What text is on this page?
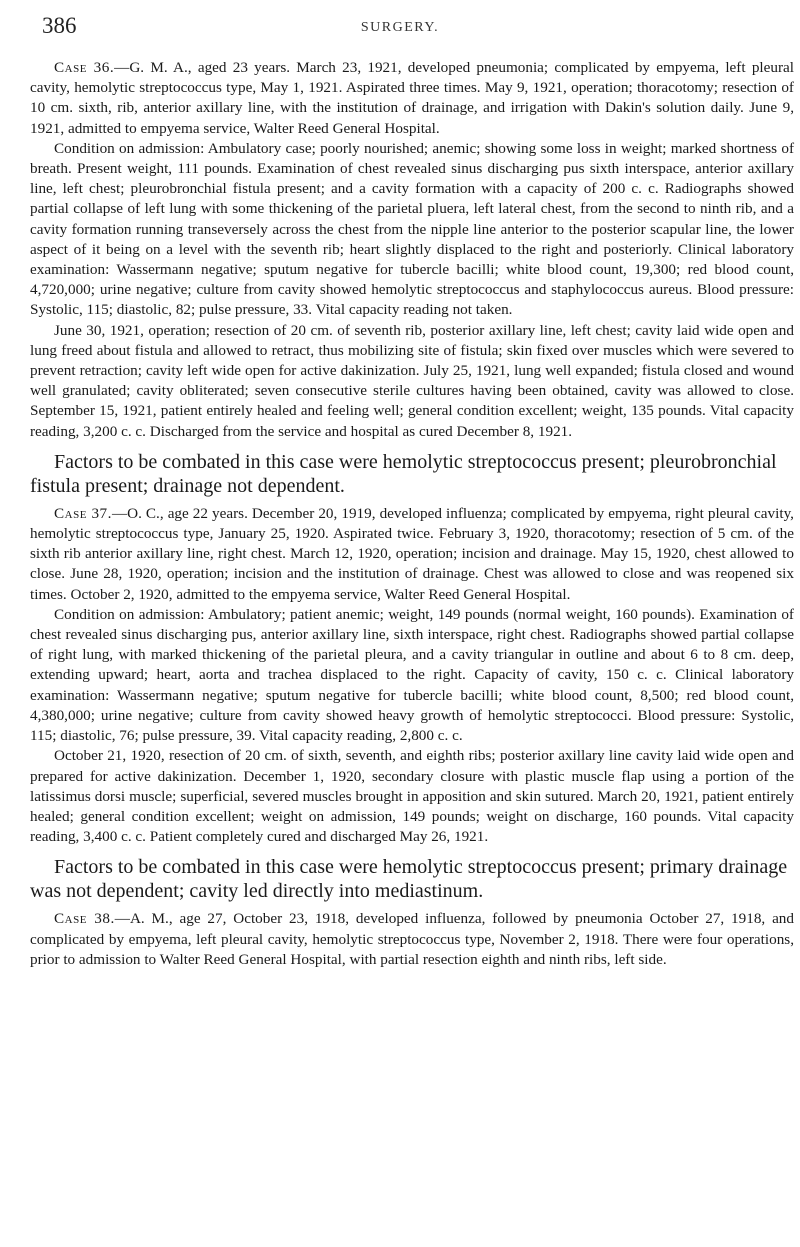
386	SURGERY.

Case 36.—G. M. A., aged 23 years. March 23, 1921, developed pneumonia; complicated by empyema, left pleural cavity, hemolytic streptococcus type, May 1, 1921. Aspirated three times. May 9, 1921, operation; thoracotomy; resection of 10 cm. sixth, rib, anterior axillary line, with the institution of drainage, and irrigation with Dakin's solution daily. June 9, 1921, admitted to empyema service, Walter Reed General Hospital.

Condition on admission: Ambulatory case; poorly nourished; anemic; showing some loss in weight; marked shortness of breath. Present weight, 111 pounds. Examination of chest revealed sinus discharging pus sixth interspace, anterior axillary line, left chest; pleurobronchial fistula present; and a cavity formation with a capacity of 200 c. c. Radiographs showed partial collapse of left lung with some thickening of the parietal pluera, left lateral chest, from the second to ninth rib, and a cavity formation running transeversely across the chest from the nipple line anterior to the posterior scapular line, the lower aspect of it being on a level with the seventh rib; heart slightly displaced to the right and posteriorly. Clinical laboratory examination: Wassermann negative; sputum negative for tubercle bacilli; white blood count, 19,300; red blood count, 4,720,000; urine negative; culture from cavity showed hemolytic streptococcus and staphylococcus aureus. Blood pressure: Systolic, 115; diastolic, 82; pulse pressure, 33. Vital capacity reading not taken.

June 30, 1921, operation; resection of 20 cm. of seventh rib, posterior axillary line, left chest; cavity laid wide open and lung freed about fistula and allowed to retract, thus mobilizing site of fistula; skin fixed over muscles which were severed to prevent retraction; cavity left wide open for active dakinization. July 25, 1921, lung well expanded; fistula closed and wound well granulated; cavity obliterated; seven consecutive sterile cultures having been obtained, cavity was allowed to close. September 15, 1921, patient entirely healed and feeling well; general condition excellent; weight, 135 pounds. Vital capacity reading, 3,200 c. c. Discharged from the service and hospital as cured December 8, 1921.

Factors to be combated in this case were hemolytic streptococcus present; pleurobronchial fistula present; drainage not dependent.

Case 37.—O. C., age 22 years. December 20, 1919, developed influenza; complicated by empyema, right pleural cavity, hemolytic streptococcus type, January 25, 1920. Aspirated twice. February 3, 1920, thoracotomy; resection of 5 cm. of the sixth rib anterior axillary line, right chest. March 12, 1920, operation; incision and drainage. May 15, 1920, chest allowed to close. June 28, 1920, operation; incision and the institution of drainage. Chest was allowed to close and was reopened six times. October 2, 1920, admitted to the empyema service, Walter Reed General Hospital.

Condition on admission: Ambulatory; patient anemic; weight, 149 pounds (normal weight, 160 pounds). Examination of chest revealed sinus discharging pus, anterior axillary line, sixth interspace, right chest. Radiographs showed partial collapse of right lung, with marked thickening of the parietal pleura, and a cavity triangular in outline and about 6 to 8 cm. deep, extending upward; heart, aorta and trachea displaced to the right. Capacity of cavity, 150 c. c. Clinical laboratory examination: Wassermann negative; sputum negative for tubercle bacilli; white blood count, 8,500; red blood count, 4,380,000; urine negative; culture from cavity showed heavy growth of hemolytic streptococci. Blood pressure: Systolic, 115; diastolic, 76; pulse pressure, 39. Vital capacity reading, 2,800 c. c.

October 21, 1920, resection of 20 cm. of sixth, seventh, and eighth ribs; posterior axillary line cavity laid wide open and prepared for active dakinization. December 1, 1920, secondary closure with plastic muscle flap using a portion of the latissimus dorsi muscle; superficial, severed muscles brought in apposition and skin sutured. March 20, 1921, patient entirely healed; general condition excellent; weight on admission, 149 pounds; weight on discharge, 160 pounds. Vital capacity reading, 3,400 c. c. Patient completely cured and discharged May 26, 1921.

Factors to be combated in this case were hemolytic streptococcus present; primary drainage was not dependent; cavity led directly into mediastinum.

Case 38.—A. M., age 27, October 23, 1918, developed influenza, followed by pneumonia October 27, 1918, and complicated by empyema, left pleural cavity, hemolytic streptococcus type, November 2, 1918. There were four operations, prior to admission to Walter Reed General Hospital, with partial resection eighth and ninth ribs, left side.
